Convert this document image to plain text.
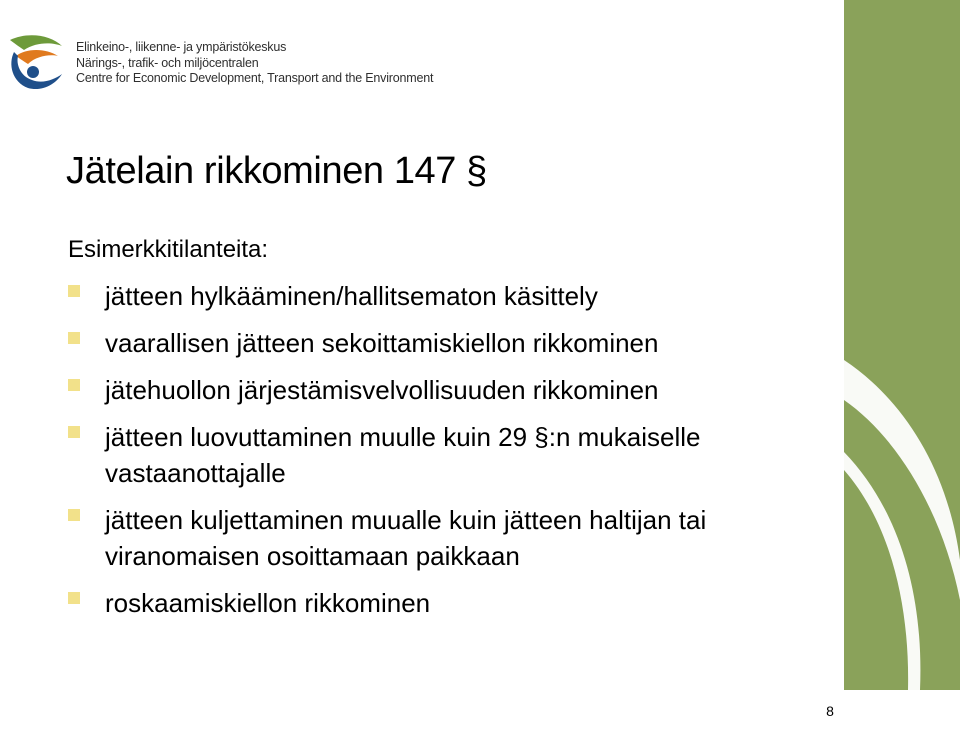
Elinkeino-, liikenne- ja ympäristökeskus
Närings-, trafik- och miljöcentralen
Centre for Economic Development, Transport and the Environment
Jätelain rikkominen 147 §
Esimerkkitilanteita:
jätteen hylkääminen/hallitsematon käsittely
vaarallisen jätteen sekoittamiskiellon rikkominen
jätehuollon järjestämisvelvollisuuden rikkominen
jätteen luovuttaminen muulle kuin 29 §:n mukaiselle vastaanottajalle
jätteen kuljettaminen muualle kuin jätteen haltijan tai viranomaisen osoittamaan paikkaan
roskaamiskiellon rikkominen
8
